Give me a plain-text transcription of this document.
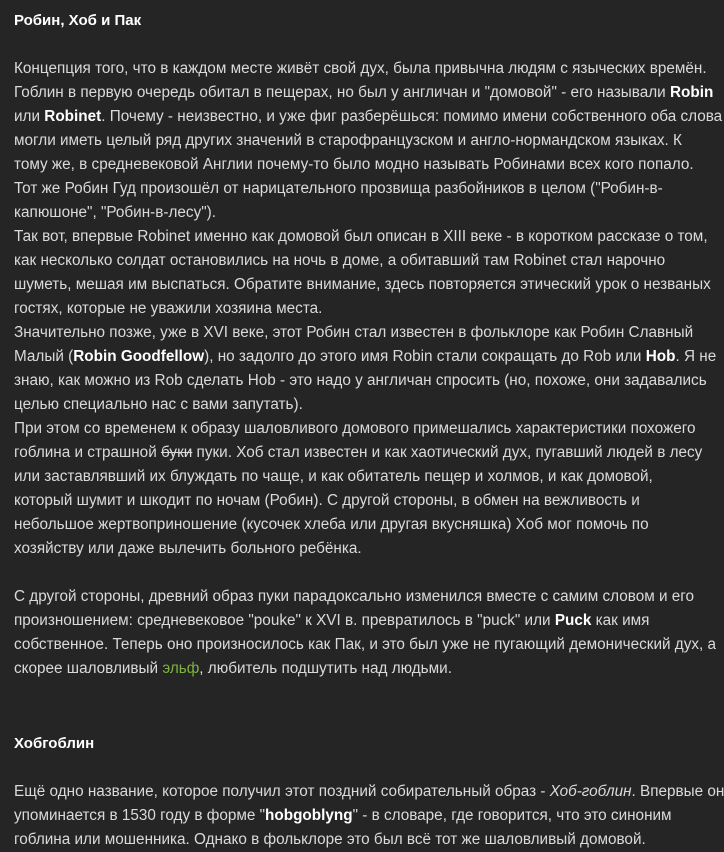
Робин, Хоб и Пак
Концепция того, что в каждом месте живёт свой дух, была привычна людям с языческих времён.
Гоблин в первую очередь обитал в пещерах, но был у англичан и "домовой" - его называли Robin
или Robinet. Почему - неизвестно, и уже фиг разберёшься: помимо имени собственного оба слова
могли иметь целый ряд других значений в старофранцузском и англо-нормандском языках. К
тому же, в средневековой Англии почему-то было модно называть Робинами всех кого попало.
Тот же Робин Гуд произошёл от нарицательного прозвища разбойников в целом ("Робин-в-
капюшоне", "Робин-в-лесу").
Так вот, впервые Robinet именно как домовой был описан в XIII веке - в коротком рассказе о том,
как несколько солдат остановились на ночь в доме, а обитавший там Robinet стал нарочно
шуметь, мешая им выспаться. Обратите внимание, здесь повторяется этический урок о незваных
гостях, которые не уважили хозяина места.
Значительно позже, уже в XVI веке, этот Робин стал известен в фольклоре как Робин Славный
Малый (Robin Goodfellow), но задолго до этого имя Robin стали сокращать до Rob или Hob. Я не
знаю, как можно из Rob сделать Hob - это надо у англичан спросить (но, похоже, они задавались
целью специально нас с вами запутать).
При этом со временем к образу шаловливого домового примешались характеристики похожего
гоблина и страшной буки пуки. Хоб стал известен и как хаотический дух, пугавший людей в лесу
или заставлявший их блуждать по чаще, и как обитатель пещер и холмов, и как домовой,
который шумит и шкодит по ночам (Робин). С другой стороны, в обмен на вежливость и
небольшое жертвоприношение (кусочек хлеба или другая вкусняшка) Хоб мог помочь по
хозяйству или даже вылечить больного ребёнка.
С другой стороны, древний образ пуки парадоксально изменился вместе с самим словом и его
произношением: средневековое "pouke" к XVI в. превратилось в "puck" или Puck как имя
собственное. Теперь оно произносилось как Пак, и это был уже не пугающий демонический дух, а
скорее шаловливый эльф, любитель подшутить над людьми.
Хобгоблин
Ещё одно название, которое получил этот поздний собирательный образ - Хоб-гоблин. Впервые он
упоминается в 1530 году в форме "hobgoblyng" - в словаре, где говорится, что это синоним
гоблина или мошенника. Однако в фольклоре это был всё тот же шаловливый домовой.
